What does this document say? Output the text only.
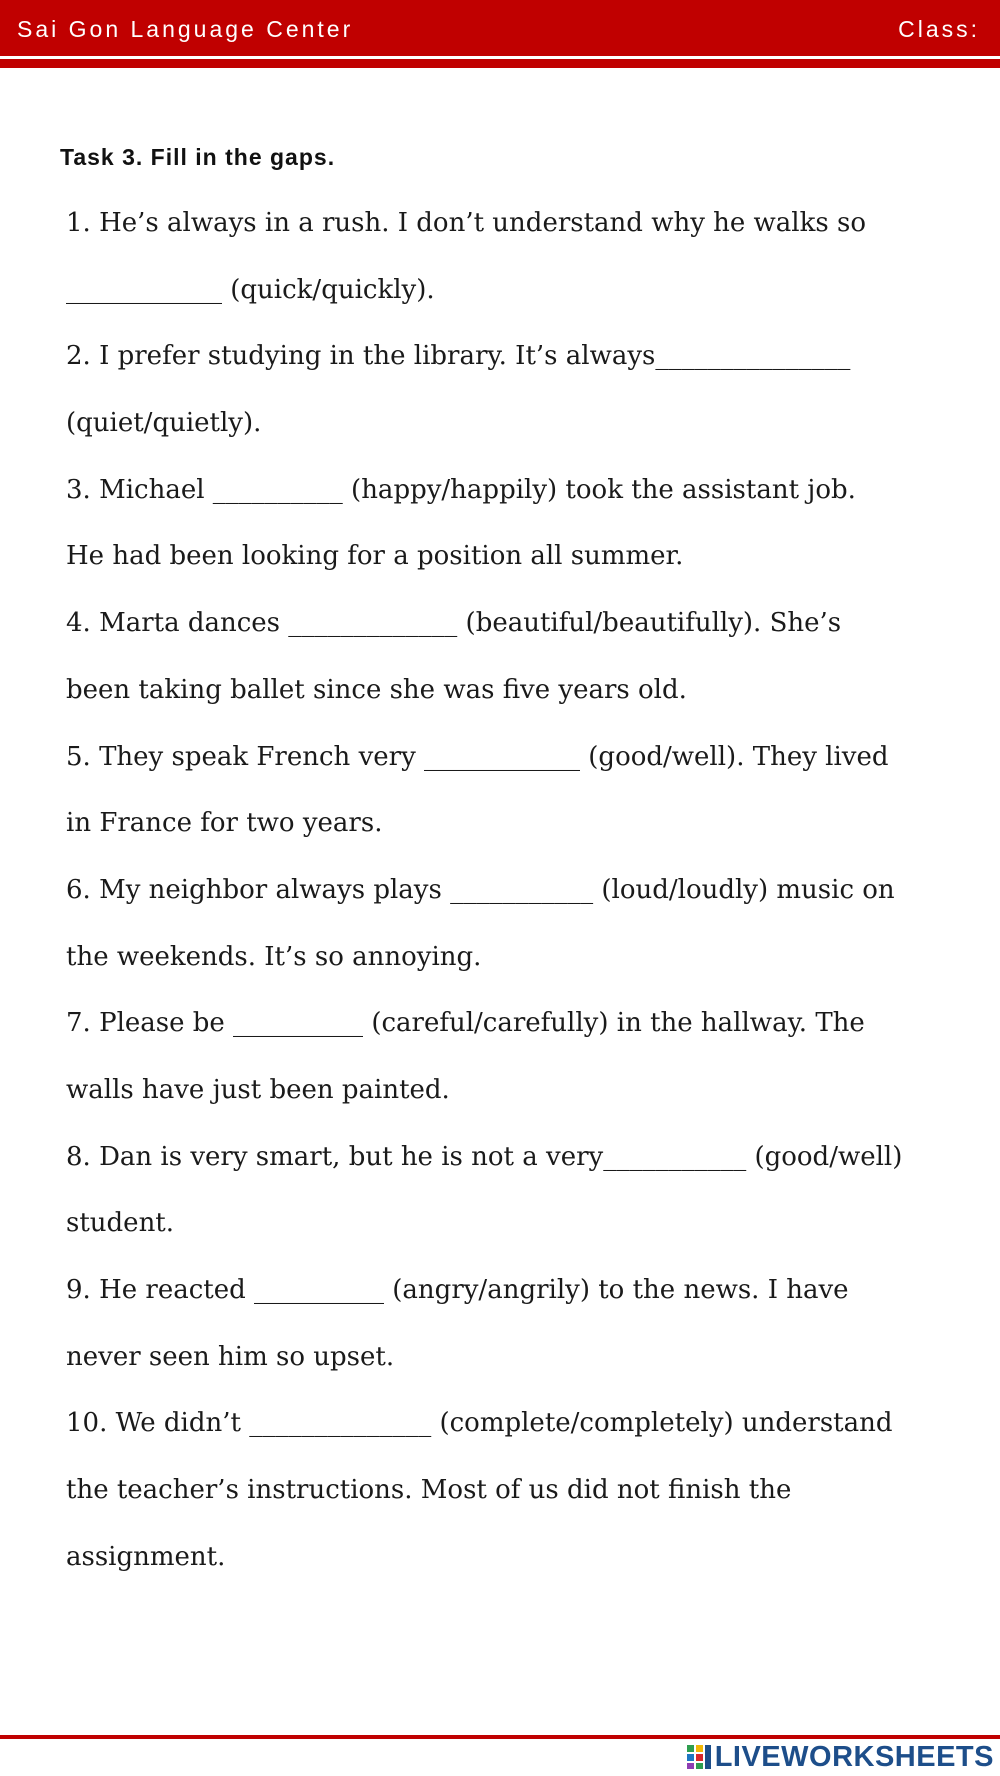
Sai Gon Language Center	Class:
Task 3. Fill in the gaps.
1. He’s always in a rush. I don’t understand why he walks so
____________ (quick/quickly).
2. I prefer studying in the library. It’s always_______________
(quiet/quietly).
3. Michael __________ (happy/happily) took the assistant job.
He had been looking for a position all summer.
4. Marta dances _____________ (beautiful/beautifully). She’s
been taking ballet since she was five years old.
5. They speak French very ____________ (good/well). They lived
in France for two years.
6. My neighbor always plays ___________ (loud/loudly) music on
the weekends. It’s so annoying.
7. Please be __________ (careful/carefully) in the hallway. The
walls have just been painted.
8. Dan is very smart, but he is not a very___________ (good/well)
student.
9. He reacted __________ (angry/angrily) to the news. I have
never seen him so upset.
10. We didn’t ______________ (complete/completely) understand
the teacher’s instructions. Most of us did not finish the
assignment.
LIVEWORKSHEETS
